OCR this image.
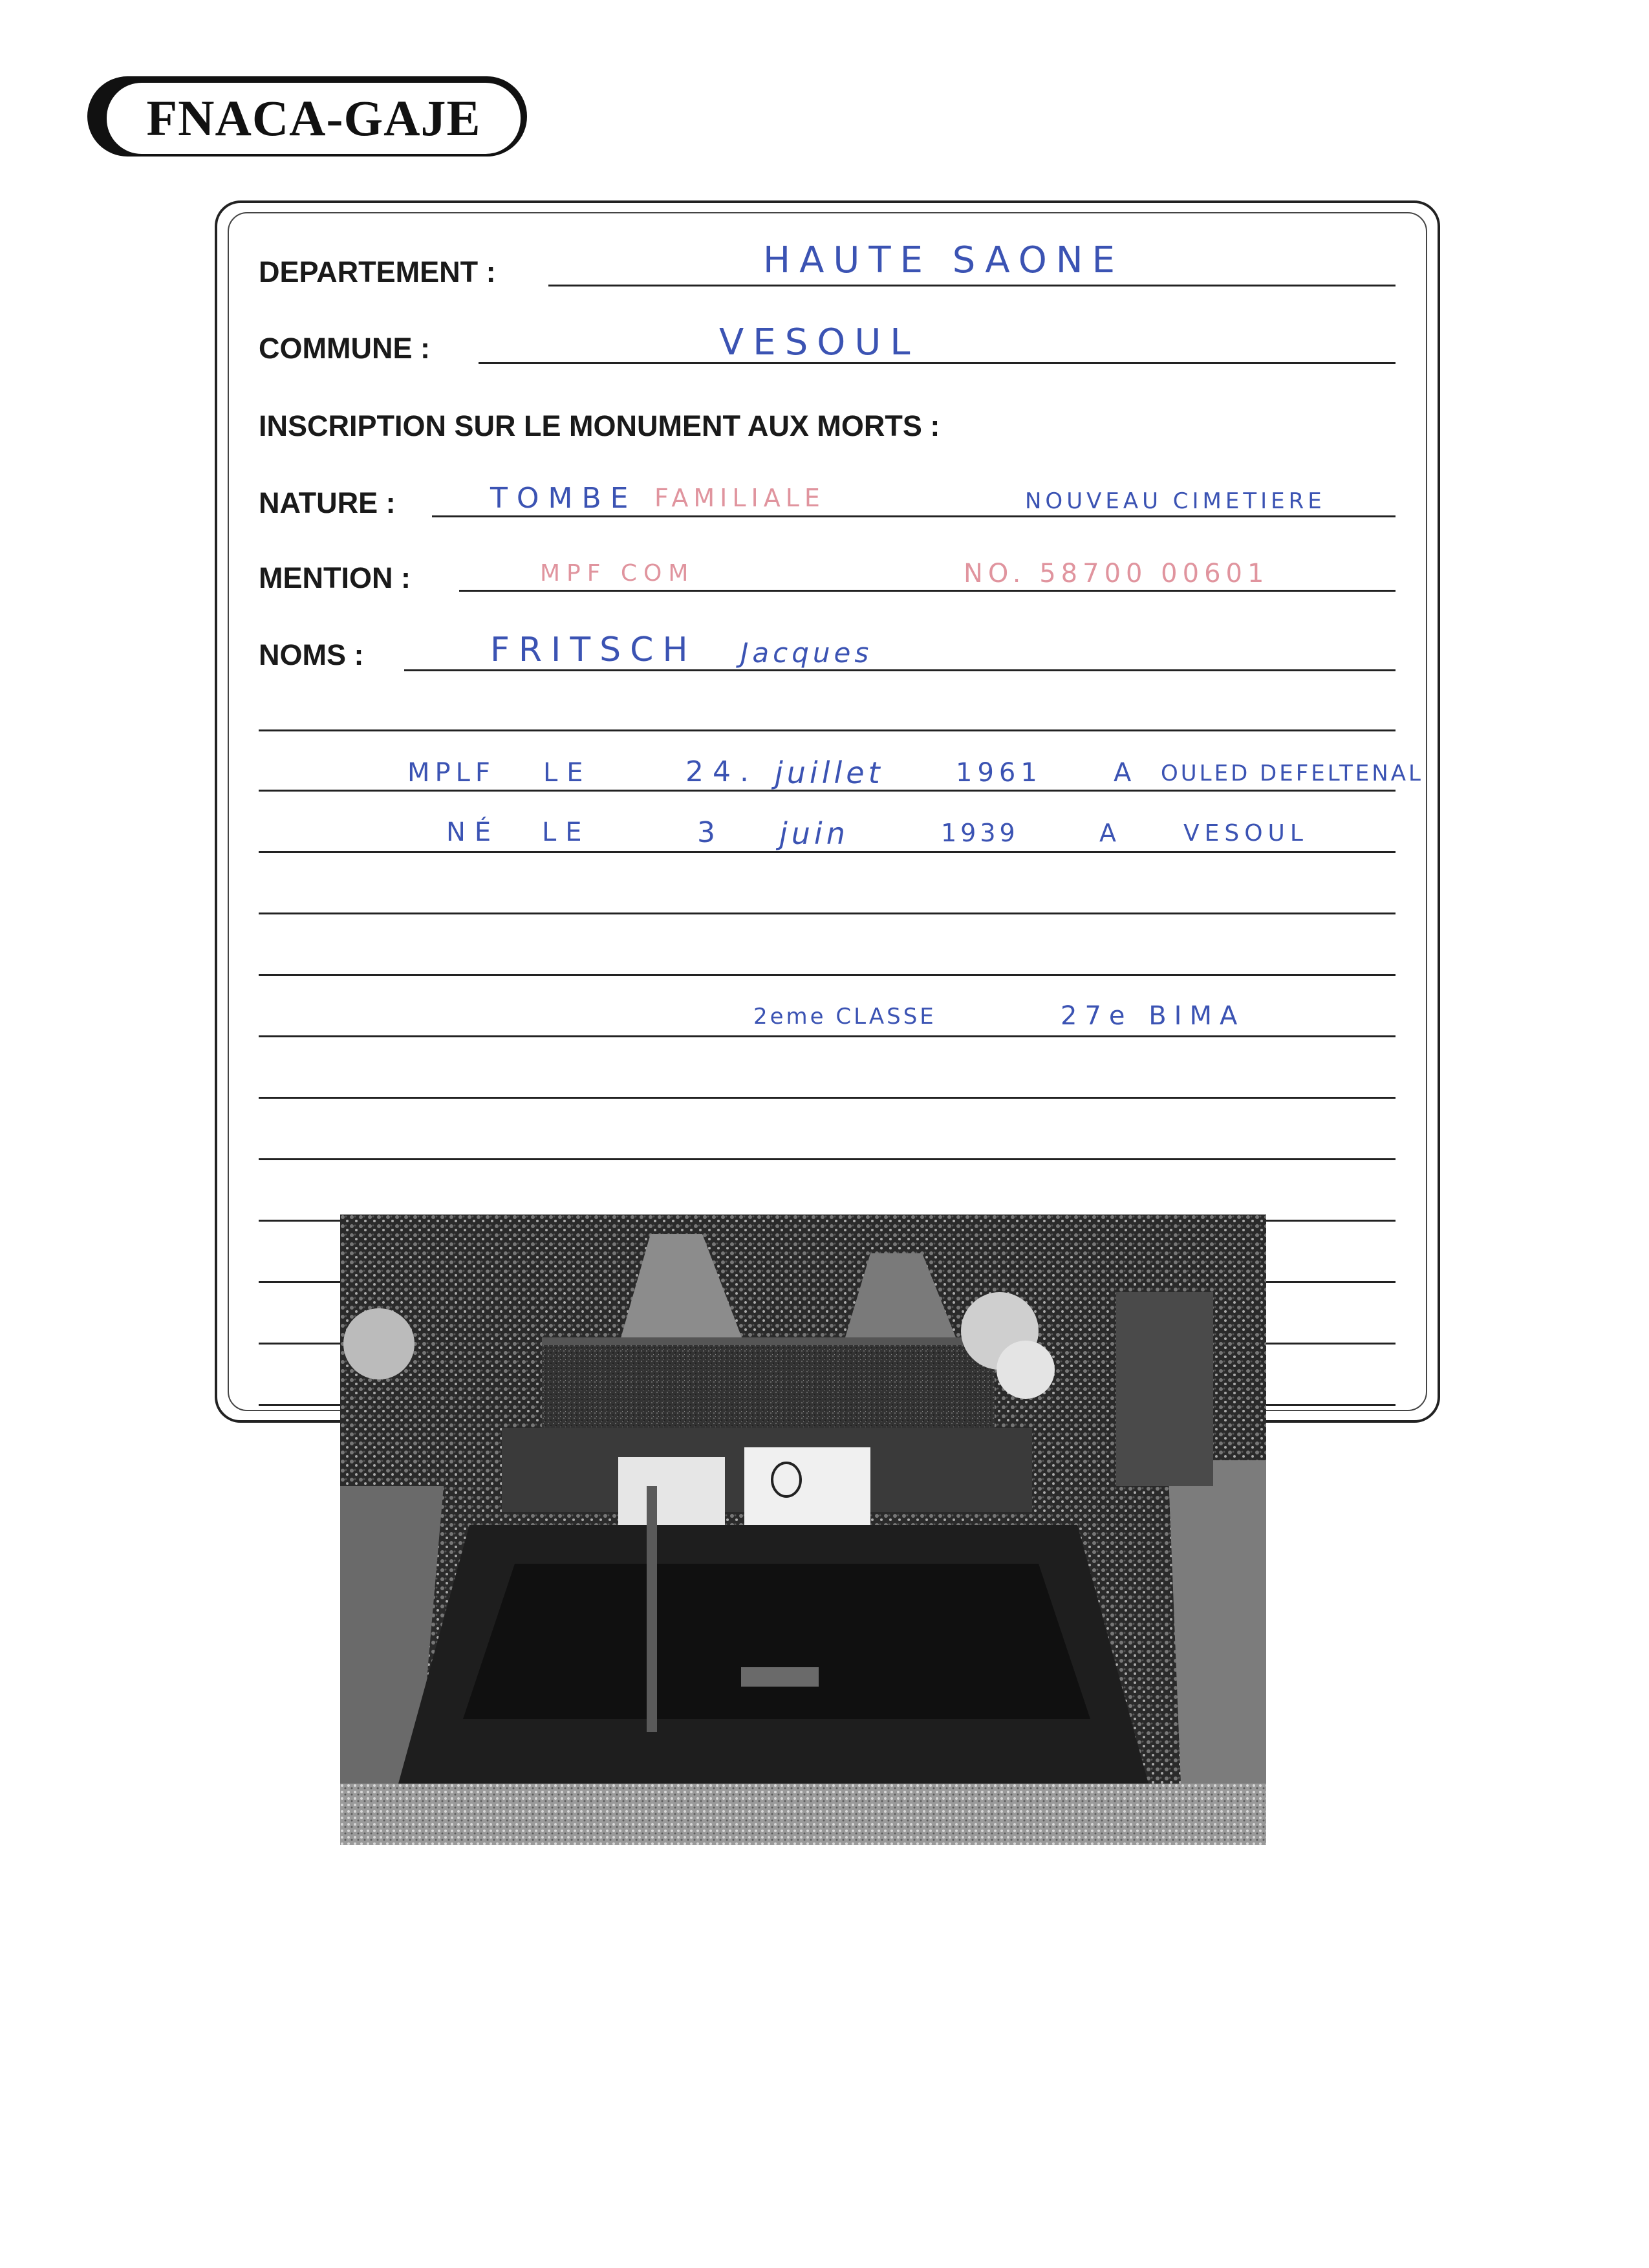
FNACA-GAJE
DEPARTEMENT :	HAUTE SAONE
COMMUNE :	VESOUL
INSCRIPTION SUR LE MONUMENT AUX MORTS :
NATURE :	TOMBE FAMILIALE	NOUVEAU CIMETIERE
MENTION :	MPF COM	NO. 58700 00601
NOMS :	FRITSCH Jacques
MPLF LE	24. juillet	1961	A OULED DEFELTENAL
NÉ LE	3 juin	1939	A	VESOUL
2eme CLASSE	27e BIMA
